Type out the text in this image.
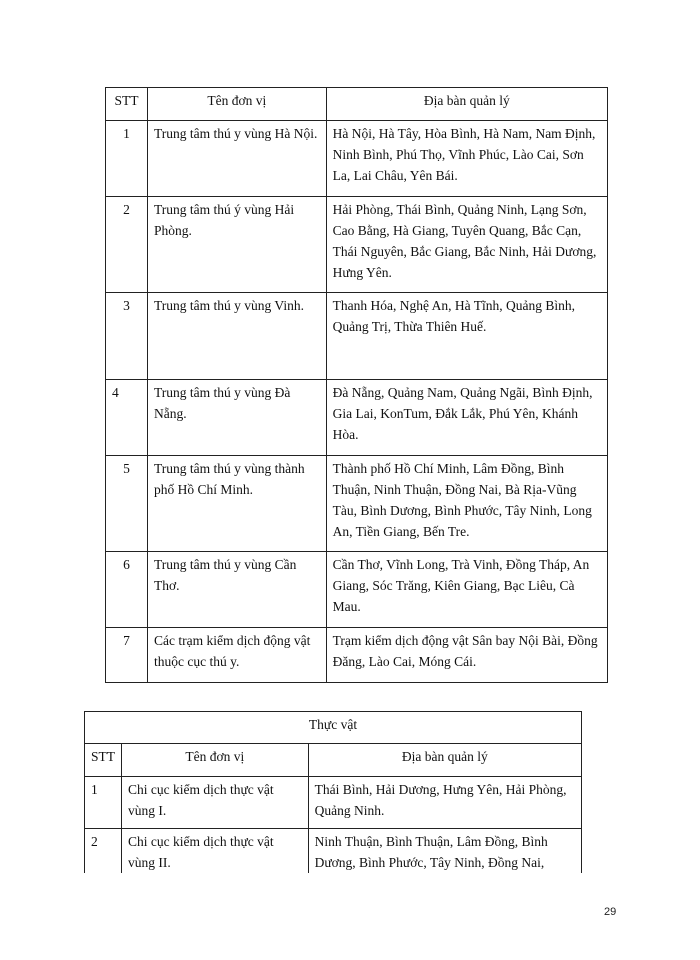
STT	Tên đơn vị	Địa bàn quản lý
1	Trung tâm thú y vùng Hà Nội.	Hà Nội, Hà Tây, Hòa Bình, Hà Nam, Nam Định, Ninh Bình, Phú Thọ, Vĩnh Phúc, Lào Cai, Sơn La, Lai Châu, Yên Bái.
2	Trung tâm thú ý vùng Hải Phòng.	Hải Phòng, Thái Bình, Quảng Ninh, Lạng Sơn, Cao Bằng, Hà Giang, Tuyên Quang, Bắc Cạn, Thái Nguyên, Bắc Giang, Bắc Ninh, Hải Dương, Hưng Yên.
3	Trung tâm thú y vùng Vinh.	Thanh Hóa, Nghệ An, Hà Tĩnh, Quảng Bình, Quảng Trị, Thừa Thiên Huế.
4	Trung tâm thú y vùng Đà Nẵng.	Đà Nẵng, Quảng Nam, Quảng Ngãi, Bình Định, Gia Lai, KonTum, Đắk Lắk, Phú Yên, Khánh Hòa.
5	Trung tâm thú y vùng thành phố Hồ Chí Minh.	Thành phố Hồ Chí Minh, Lâm Đồng, Bình Thuận, Ninh Thuận, Đồng Nai, Bà Rịa-Vũng Tàu, Bình Dương, Bình Phước, Tây Ninh, Long An, Tiền Giang, Bến Tre.
6	Trung tâm thú y vùng Cần Thơ.	Cần Thơ, Vĩnh Long, Trà Vinh, Đồng Tháp, An Giang, Sóc Trăng, Kiên Giang, Bạc Liêu, Cà Mau.
7	Các trạm kiểm dịch động vật thuộc cục thú y.	Trạm kiểm dịch động vật Sân bay Nội Bài, Đồng Đăng, Lào Cai, Móng Cái.
Thực vật		
STT	Tên đơn vị	Địa bàn quản lý
1	Chi cục kiểm dịch thực vật vùng I.	Thái Bình, Hải Dương, Hưng Yên, Hải Phòng, Quảng Ninh.
2	Chi cục kiểm dịch thực vật vùng II.	Ninh Thuận, Bình Thuận, Lâm Đồng, Bình Dương, Bình Phước, Tây Ninh, Đồng Nai,
29
